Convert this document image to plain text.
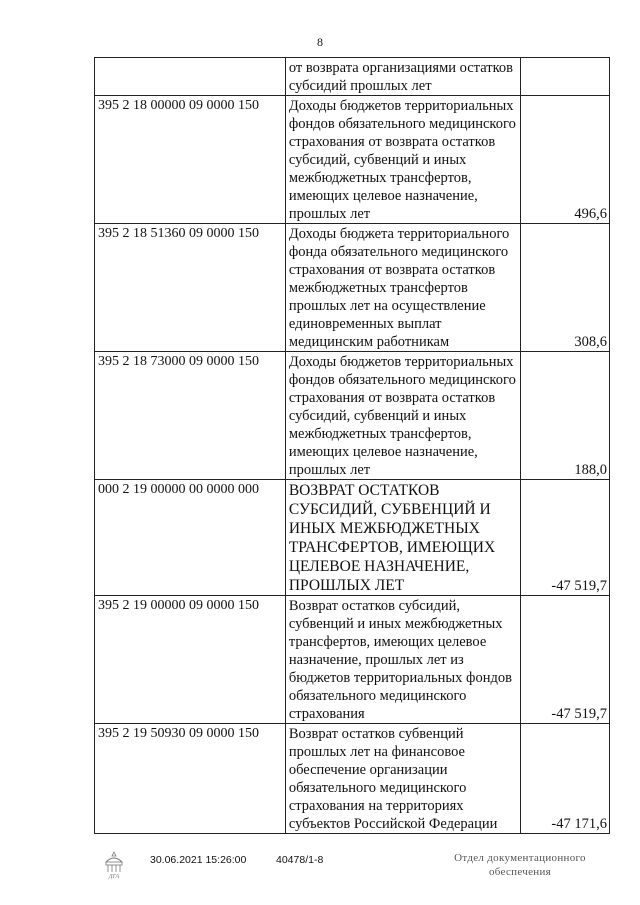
8
	от возврата организациями остатков субсидий прошлых лет	
395 2 18 00000 09 0000 150	Доходы бюджетов территориальных фондов обязательного медицинского страхования от возврата остатков субсидий, субвенций и иных межбюджетных трансфертов, имеющих целевое назначение, прошлых лет	496,6
395 2 18 51360 09 0000 150	Доходы бюджета территориального фонда обязательного медицинского страхования от возврата остатков межбюджетных трансфертов прошлых лет на осуществление единовременных выплат медицинским работникам	308,6
395 2 18 73000 09 0000 150	Доходы бюджетов территориальных фондов обязательного медицинского страхования от возврата остатков субсидий, субвенций и иных межбюджетных трансфертов, имеющих целевое назначение, прошлых лет	188,0
000 2 19 00000 00 0000 000	ВОЗВРАТ ОСТАТКОВ СУБСИДИЙ, СУБВЕНЦИЙ И ИНЫХ МЕЖБЮДЖЕТНЫХ ТРАНСФЕРТОВ, ИМЕЮЩИХ ЦЕЛЕВОЕ НАЗНАЧЕНИЕ, ПРОШЛЫХ ЛЕТ	-47 519,7
395 2 19 00000 09 0000 150	Возврат остатков субсидий, субвенций и иных межбюджетных трансфертов, имеющих целевое назначение, прошлых лет из бюджетов территориальных фондов обязательного медицинского страхования	-47 519,7
395 2 19 50930 09 0000 150	Возврат остатков субвенций прошлых лет на финансовое обеспечение организации обязательного медицинского страхования на территориях субъектов Российской Федерации	-47 171,6
ДГА
30.06.2021 15:26:00	40478/1-8	Отдел документационного
обеспечения
